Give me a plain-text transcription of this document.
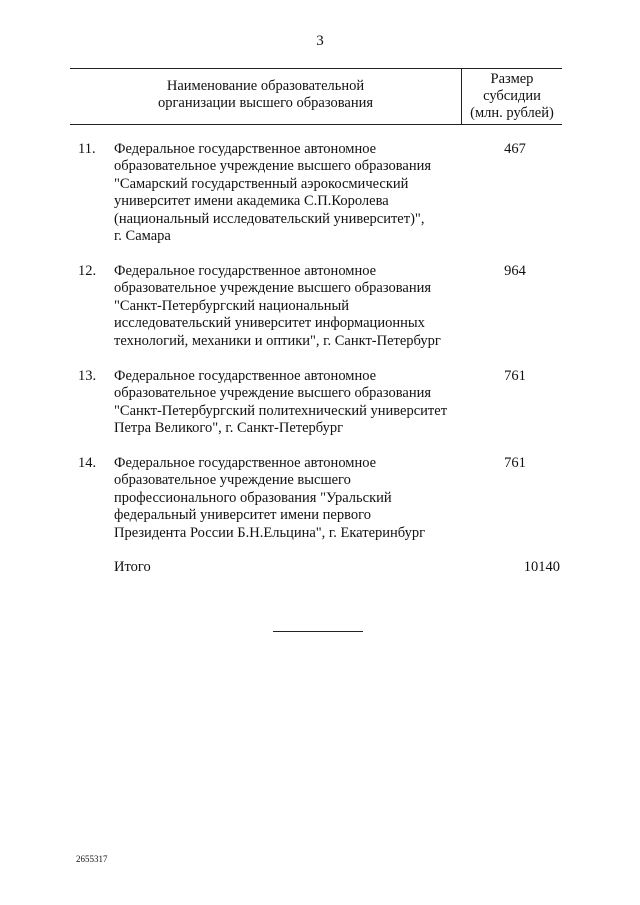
3
Наименование образовательной
организации высшего образования
Размер
субсидии
(млн. рублей)
11. Федеральное государственное автономное
образовательное учреждение высшего образования
"Самарский государственный аэрокосмический
университет имени академика С.П.Королева
(национальный исследовательский университет)",
г. Самара
467
12. Федеральное государственное автономное
образовательное учреждение высшего образования
"Санкт-Петербургский национальный
исследовательский университет информационных
технологий, механики и оптики", г. Санкт-Петербург
964
13. Федеральное государственное автономное
образовательное учреждение высшего образования
"Санкт-Петербургский политехнический университет
Петра Великого", г. Санкт-Петербург
761
14. Федеральное государственное автономное
образовательное учреждение высшего
профессионального образования "Уральский
федеральный университет имени первого
Президента России Б.Н.Ельцина", г. Екатеринбург
761
Итого	10140
2655317
